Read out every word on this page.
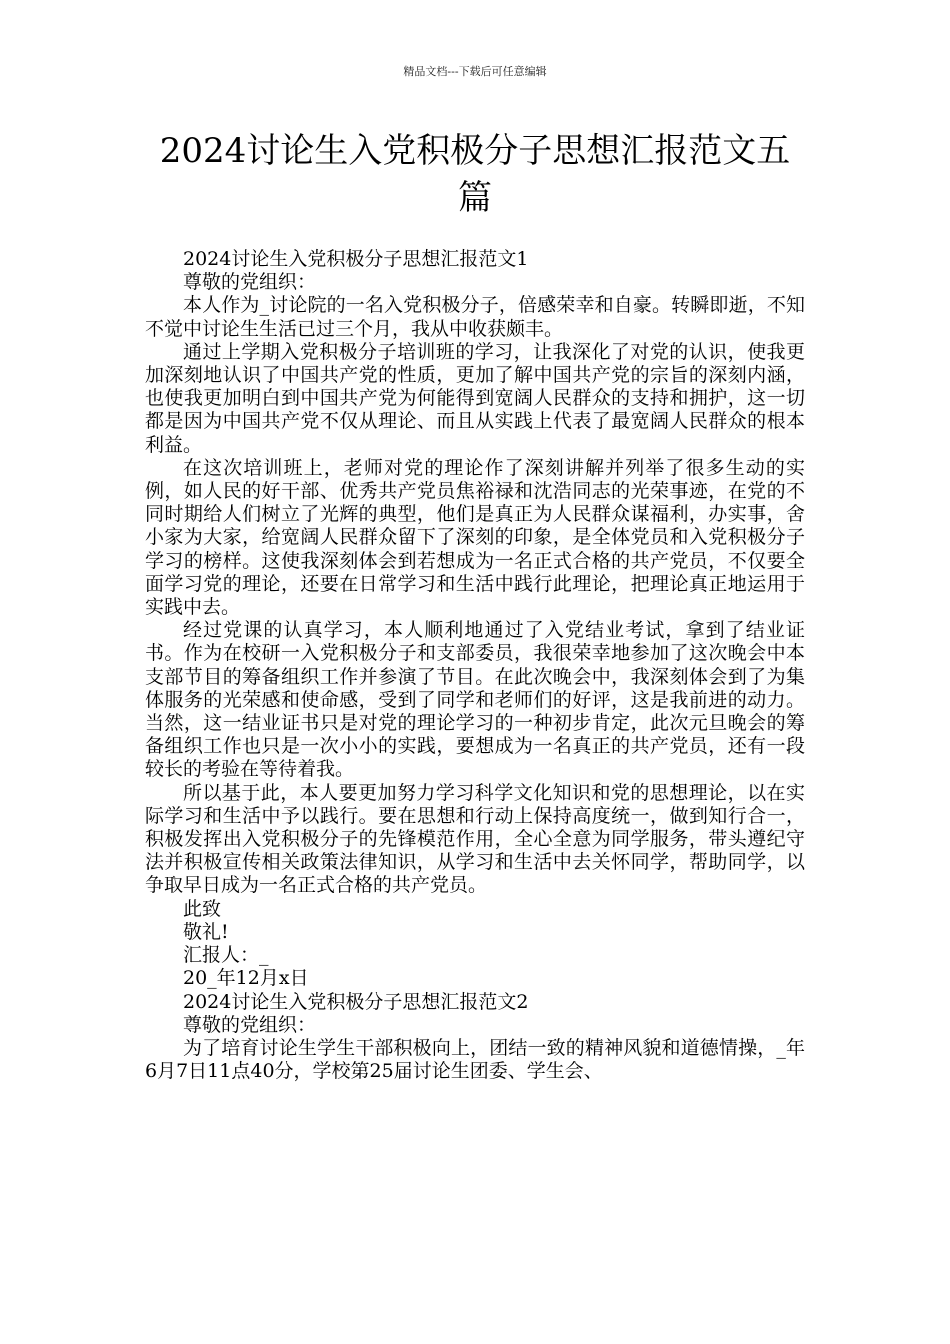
精品文档---下载后可任意编辑
2024讨论生入党积极分子思想汇报范文五篇

2024讨论生入党积极分子思想汇报范文1

尊敬的党组织：

本人作为_讨论院的一名入党积极分子，倍感荣幸和自豪。转瞬即逝，不知不觉中讨论生生活已过三个月，我从中收获颇丰。

通过上学期入党积极分子培训班的学习，让我深化了对党的认识，使我更加深刻地认识了中国共产党的性质，更加了解中国共产党的宗旨的深刻内涵，也使我更加明白到中国共产党为何能得到宽阔人民群众的支持和拥护，这一切都是因为中国共产党不仅从理论、而且从实践上代表了最宽阔人民群众的根本利益。

在这次培训班上，老师对党的理论作了深刻讲解并列举了很多生动的实例，如人民的好干部、优秀共产党员焦裕禄和沈浩同志的光荣事迹，在党的不同时期给人们树立了光辉的典型，他们是真正为人民群众谋福利，办实事，舍小家为大家，给宽阔人民群众留下了深刻的印象，是全体党员和入党积极分子学习的榜样。这使我深刻体会到若想成为一名正式合格的共产党员，不仅要全面学习党的理论，还要在日常学习和生活中践行此理论，把理论真正地运用于实践中去。

经过党课的认真学习，本人顺利地通过了入党结业考试，拿到了结业证书。作为在校研一入党积极分子和支部委员，我很荣幸地参加了这次晚会中本支部节目的筹备组织工作并参演了节目。在此次晚会中，我深刻体会到了为集体服务的光荣感和使命感，受到了同学和老师们的好评，这是我前进的动力。当然，这一结业证书只是对党的理论学习的一种初步肯定，此次元旦晚会的筹备组织工作也只是一次小小的实践，要想成为一名真正的共产党员，还有一段较长的考验在等待着我。

所以基于此，本人要更加努力学习科学文化知识和党的思想理论，以在实际学习和生活中予以践行。要在思想和行动上保持高度统一，做到知行合一，积极发挥出入党积极分子的先锋模范作用，全心全意为同学服务，带头遵纪守法并积极宣传相关政策法律知识，从学习和生活中去关怀同学，帮助同学，以争取早日成为一名正式合格的共产党员。

此致

敬礼!

汇报人：_

20_年12月x日

2024讨论生入党积极分子思想汇报范文2

尊敬的党组织：

为了培育讨论生学生干部积极向上，团结一致的精神风貌和道德情操，_年6月7日11点40分，学校第25届讨论生团委、学生会、
